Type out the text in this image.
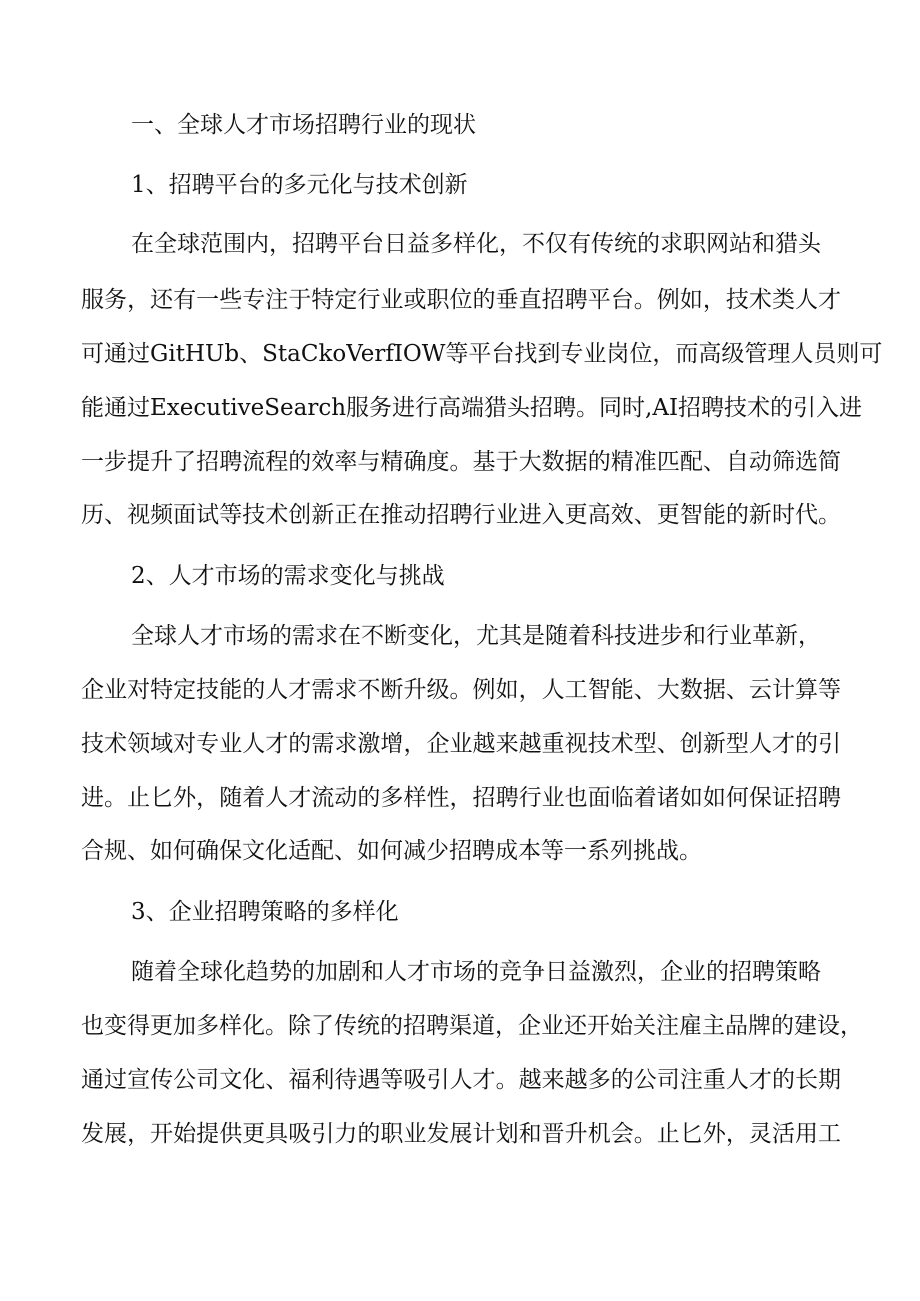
一、全球人才市场招聘行业的现状

1、招聘平台的多元化与技术创新

在全球范围内，招聘平台日益多样化，不仅有传统的求职网站和猎头

服务，还有一些专注于特定行业或职位的垂直招聘平台。例如，技术类人才

可通过GitHUb、StaCkoVerfIOW等平台找到专业岗位，而高级管理人员则可

能通过ExecutiveSearch服务进行高端猎头招聘。同时,AI招聘技术的引入进

一步提升了招聘流程的效率与精确度。基于大数据的精准匹配、自动筛选简

历、视频面试等技术创新正在推动招聘行业进入更高效、更智能的新时代。

2、人才市场的需求变化与挑战

全球人才市场的需求在不断变化，尤其是随着科技进步和行业革新，

企业对特定技能的人才需求不断升级。例如，人工智能、大数据、云计算等

技术领域对专业人才的需求激增，企业越来越重视技术型、创新型人才的引

进。止匕外，随着人才流动的多样性，招聘行业也面临着诸如如何保证招聘

合规、如何确保文化适配、如何减少招聘成本等一系列挑战。

3、企业招聘策略的多样化

随着全球化趋势的加剧和人才市场的竞争日益激烈，企业的招聘策略

也变得更加多样化。除了传统的招聘渠道，企业还开始关注雇主品牌的建设，

通过宣传公司文化、福利待遇等吸引人才。越来越多的公司注重人才的长期

发展，开始提供更具吸引力的职业发展计划和晋升机会。止匕外，灵活用工
